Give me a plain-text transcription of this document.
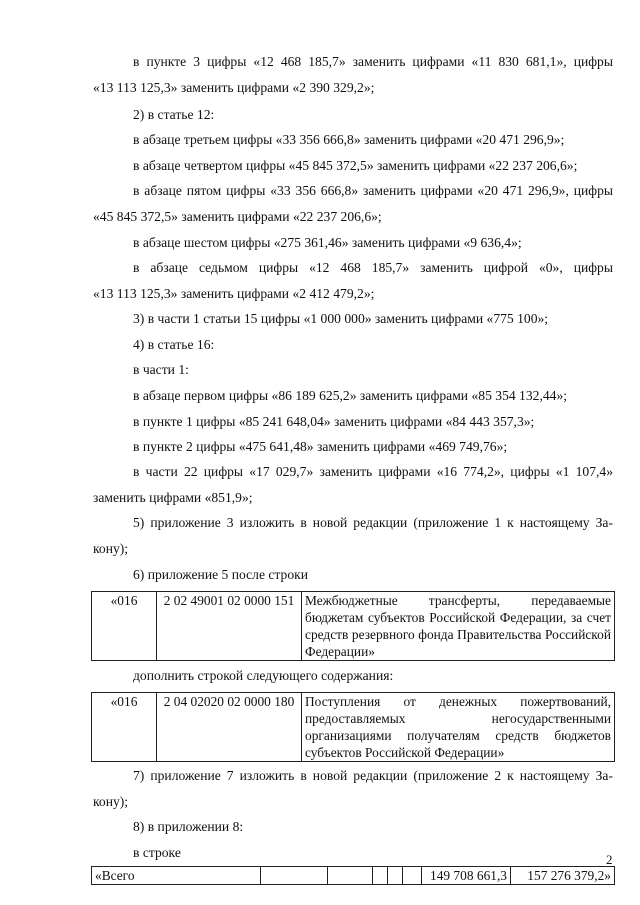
в пункте 3 цифры «12 468 185,7» заменить цифрами «11 830 681,1», цифры
«13 113 125,3» заменить цифрами «2 390 329,2»;
2) в статье 12:
в абзаце третьем цифры «33 356 666,8» заменить цифрами «20 471 296,9»;
в абзаце четвертом цифры «45 845 372,5» заменить цифрами «22 237 206,6»;
в абзаце пятом цифры «33 356 666,8» заменить цифрами «20 471 296,9», цифры
«45 845 372,5» заменить цифрами «22 237 206,6»;
в абзаце шестом цифры «275 361,46» заменить цифрами «9 636,4»;
в абзаце седьмом цифры «12 468 185,7» заменить цифрой «0», цифры
«13 113 125,3» заменить цифрами «2 412 479,2»;
3) в части 1 статьи 15 цифры «1 000 000» заменить цифрами «775 100»;
4) в статье 16:
в части 1:
в абзаце первом цифры «86 189 625,2» заменить цифрами «85 354 132,44»;
в пункте 1 цифры «85 241 648,04» заменить цифрами «84 443 357,3»;
в пункте 2 цифры «475 641,48» заменить цифрами «469 749,76»;
в части 22 цифры «17 029,7» заменить цифрами «16 774,2», цифры «1 107,4»
заменить цифрами «851,9»;
5) приложение 3 изложить в новой редакции (приложение 1 к настоящему За-
кону);
6) приложение 5 после строки
«016	2 02 49001 02 0000 151	Межбюджетные трансферты, передаваемые бюджетам субъектов Российской Федерации, за счет средств резервного фонда Правительства Российской Федерации»
дополнить строкой следующего содержания:
«016	2 04 02020 02 0000 180	Поступления от денежных пожертвований, предоставляемых негосударственными организациями получателям средств бюджетов субъектов Российской Федерации»
7) приложение 7 изложить в новой редакции (приложение 2 к настоящему За-
кону);
8) в приложении 8:
в строке
«Всего						149 708 661,3	157 276 379,2»
2
